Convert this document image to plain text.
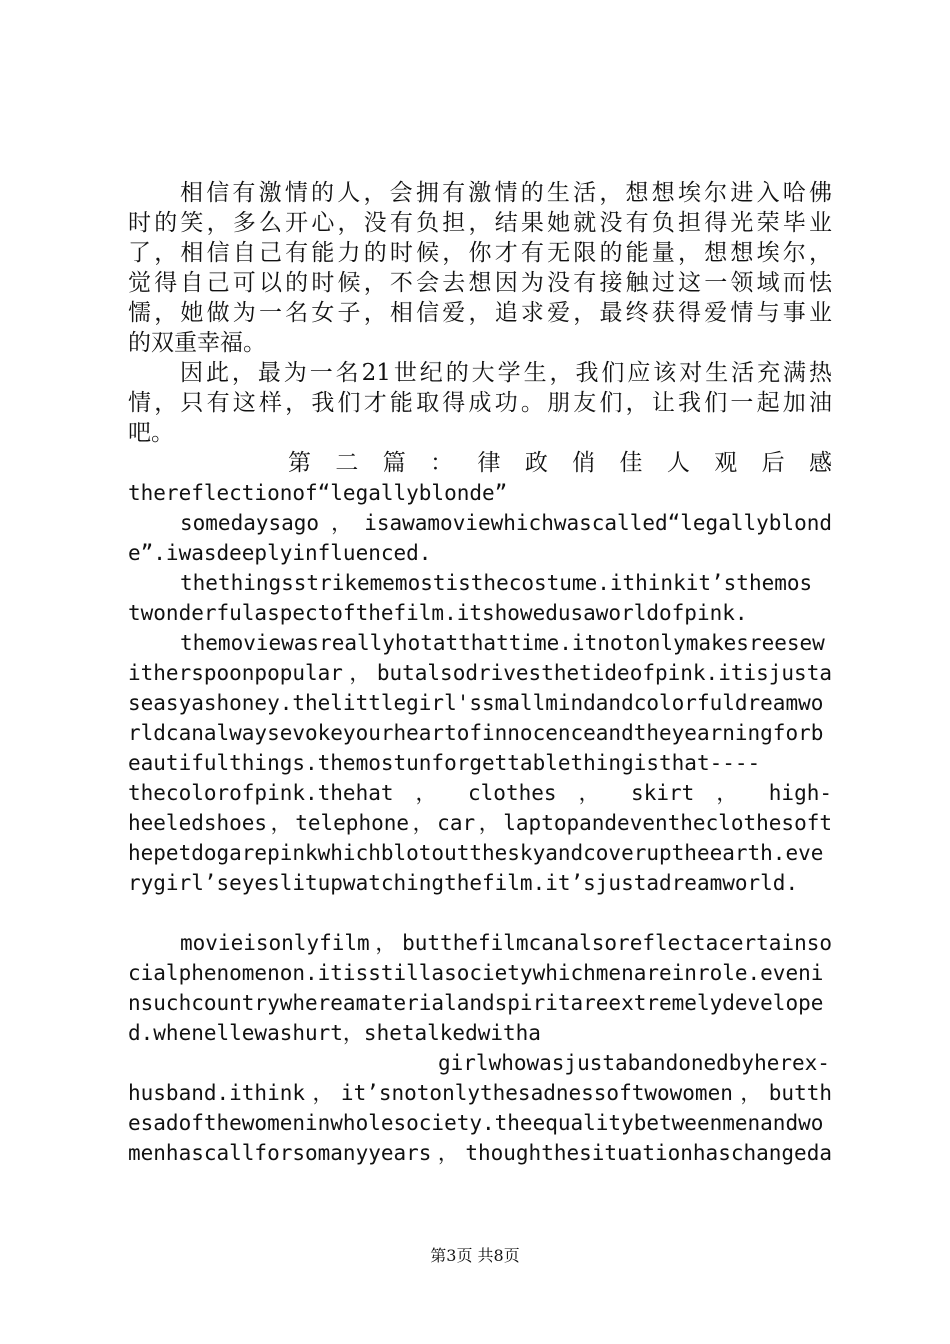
相信有激情的人，会拥有激情的生活，想想埃尔进入哈佛
时的笑，多么开心，没有负担，结果她就没有负担得光荣毕业
了，相信自己有能力的时候，你才有无限的能量，想想埃尔，
觉得自己可以的时候，不会去想因为没有接触过这一领域而怯
懦，她做为一名女子，相信爱，追求爱，最终获得爱情与事业
的双重幸福。
因此，最为一名21世纪的大学生，我们应该对生活充满热
情，只有这样，我们才能取得成功。朋友们，让我们一起加油
吧。
第二篇：律政俏佳人观后感
thereflectionof“legallyblonde”
somedaysago，isawamoviewhichwascalled“legallyblond
e”.iwasdeeplyinfluenced.
thethingsstrikememostisthecostume.ithinkit’sthemos
twonderfulaspectofthefilm.itshowedusaworldofpink.
themoviewasreallyhotatthattime.itnotonlymakesreesew
itherspoonpopular，butalsodrivesthetideofpink.itisjusta
seasyashoney.thelittlegirl'ssmallmindandcolorfuldreamwo
rldcanalwaysevokeyourheartofinnocenceandtheyearningforb
eautifulthings.themostunforgettablethingisthat----
thecolorofpink.thehat ， clothes ， skirt ， high-
heeledshoes，telephone，car，laptopandeventheclothesoft
hepetdogarepinkwhichblotouttheskyandcoveruptheearth.eve
rygirl’seyeslitupwatchingthefilm.it’sjustadreamworld.
movieisonlyfilm，butthefilmcanalsoreflectacertainso
cialphenomenon.itisstillasocietywhichmenareinrole.eveni
nsuchcountrywhereamaterialandspiritareextremelydevelope
d.whenellewashurt，shetalkedwitha
girlwhowasjustabandonedbyherex-
husband.ithink，it’snotonlythesadnessoftwowomen，butth
esadofthewomeninwholesociety.theequalitybetweenmenandwo
menhascallforsomanyyears，thoughthesituationhaschangeda
第3页 共8页
